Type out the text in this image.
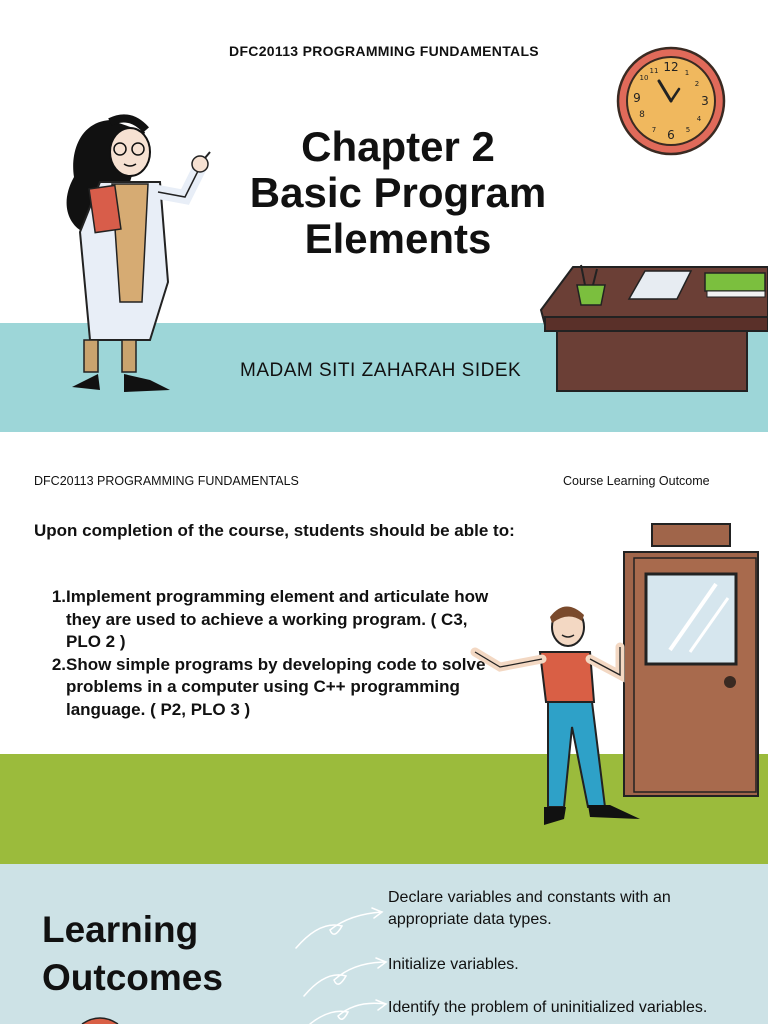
DFC20113 PROGRAMMING FUNDAMENTALS
Chapter 2
Basic Program
Elements
MADAM SITI ZAHARAH SIDEK
12 1
2
3
4
5
6
7
8
9
10
11
DFC20113 PROGRAMMING FUNDAMENTALS	Course Learning Outcome
Upon completion of the course, students should be able to:
1. Implement programming element and articulate how they are used to achieve a working program. ( C3, PLO 2 )
2. Show simple programs by developing code to solve problems in a computer using C++ programming language. ( P2, PLO 3 )
Learning
Outcomes
Declare variables and constants with an appropriate data types.
Initialize variables.
Identify the problem of uninitialized variables.
